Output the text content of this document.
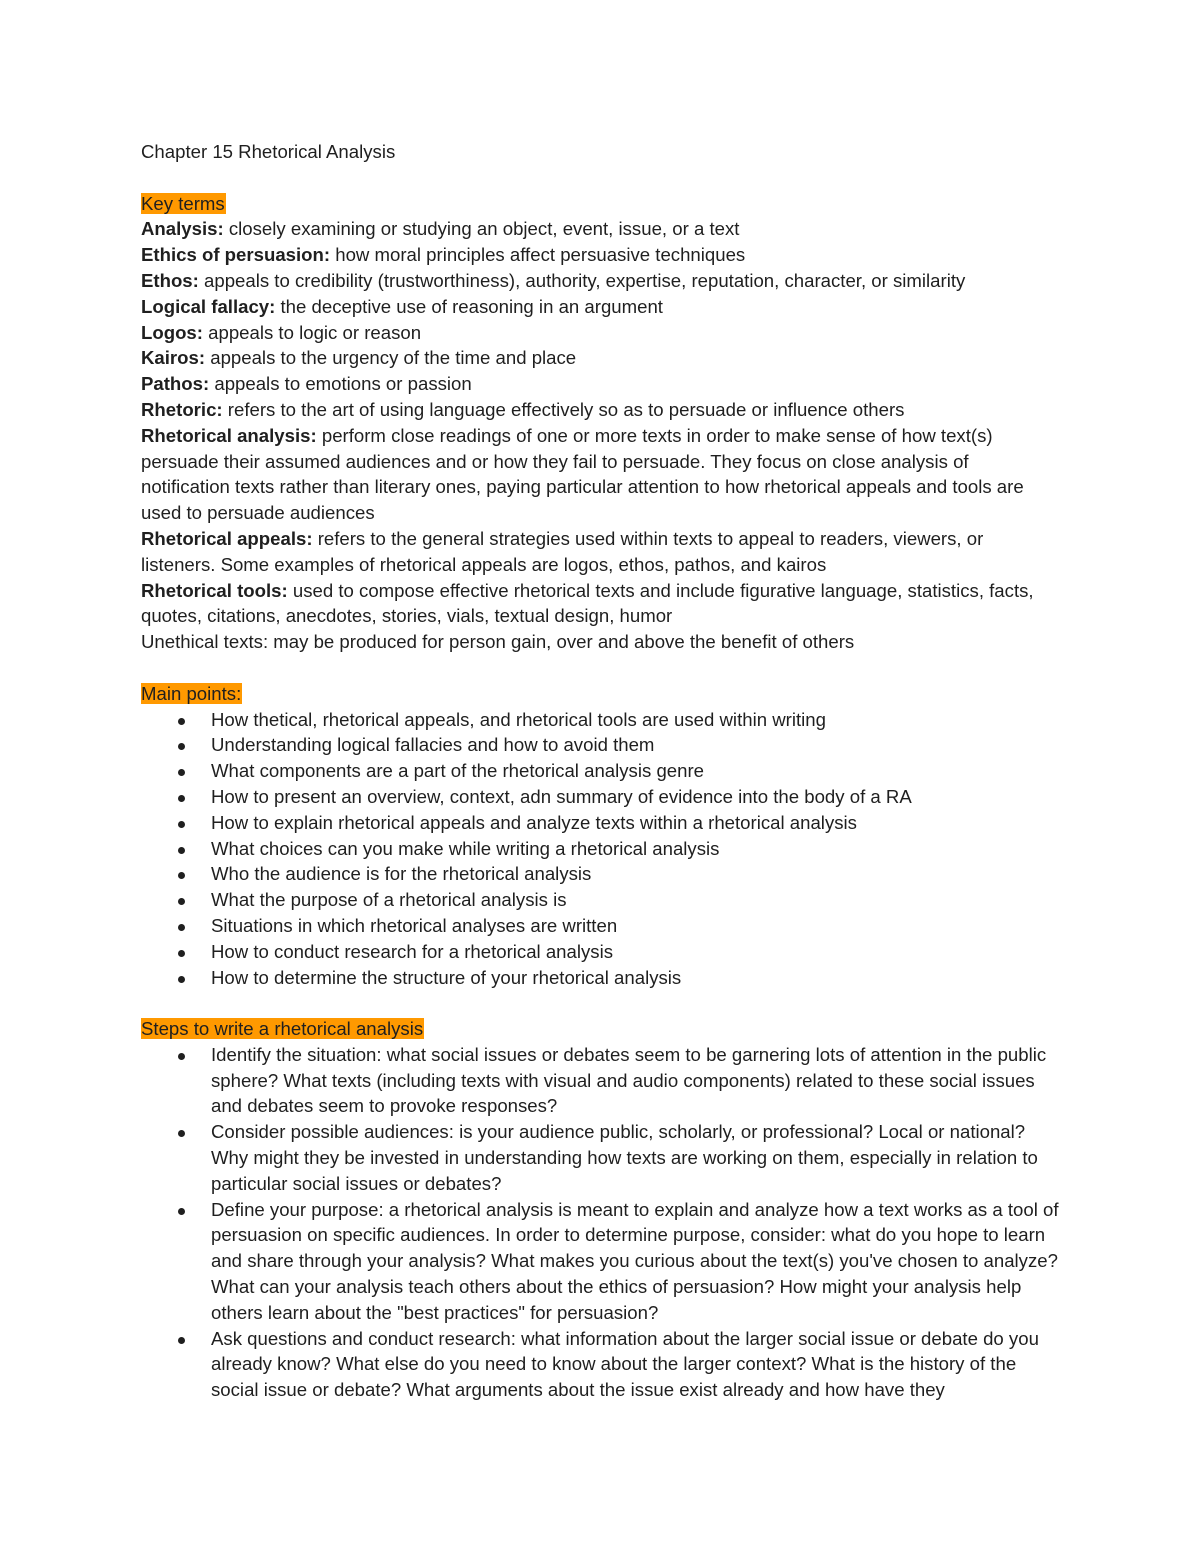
Chapter 15 Rhetorical Analysis

Key terms

Analysis: closely examining or studying an object, event, issue, or a text

Ethics of persuasion: how moral principles affect persuasive techniques

Ethos: appeals to credibility (trustworthiness), authority, expertise, reputation, character, or similarity

Logical fallacy: the deceptive use of reasoning in an argument

Logos: appeals to logic or reason

Kairos: appeals to the urgency of the time and place

Pathos: appeals to emotions or passion

Rhetoric: refers to the art of using language effectively so as to persuade or influence others

Rhetorical analysis: perform close readings of one or more texts in order to make sense of how text(s) persuade their assumed audiences and or how they fail to persuade. They focus on close analysis of notification texts rather than literary ones, paying particular attention to how rhetorical appeals and tools are used to persuade audiences

Rhetorical appeals: refers to the general strategies used within texts to appeal to readers, viewers, or listeners. Some examples of rhetorical appeals are logos, ethos, pathos, and kairos

Rhetorical tools: used to compose effective rhetorical texts and include figurative language, statistics, facts, quotes, citations, anecdotes, stories, vials, textual design, humor

Unethical texts: may be produced for person gain, over and above the benefit of others

Main points:

How thetical, rhetorical appeals, and rhetorical tools are used within writing
Understanding logical fallacies and how to avoid them
What components are a part of the rhetorical analysis genre
How to present an overview, context, adn summary of evidence into the body of a RA
How to explain rhetorical appeals and analyze texts within a rhetorical analysis
What choices can you make while writing a rhetorical analysis
Who the audience is for the rhetorical analysis
What the purpose of a rhetorical analysis is
Situations in which rhetorical analyses are written
How to conduct research for a rhetorical analysis
How to determine the structure of your rhetorical analysis

Steps to write a rhetorical analysis

Identify the situation: what social issues or debates seem to be garnering lots of attention in the public sphere? What texts (including texts with visual and audio components) related to these social issues and debates seem to provoke responses?
Consider possible audiences: is your audience public, scholarly, or professional? Local or national? Why might they be invested in understanding how texts are working on them, especially in relation to particular social issues or debates?
Define your purpose: a rhetorical analysis is meant to explain and analyze how a text works as a tool of persuasion on specific audiences. In order to determine purpose, consider: what do you hope to learn and share through your analysis? What makes you curious about the text(s) you've chosen to analyze? What can your analysis teach others about the ethics of persuasion? How might your analysis help others learn about the "best practices" for persuasion?
Ask questions and conduct research: what information about the larger social issue or debate do you already know? What else do you need to know about the larger context? What is the history of the social issue or debate? What arguments about the issue exist already and how have they
